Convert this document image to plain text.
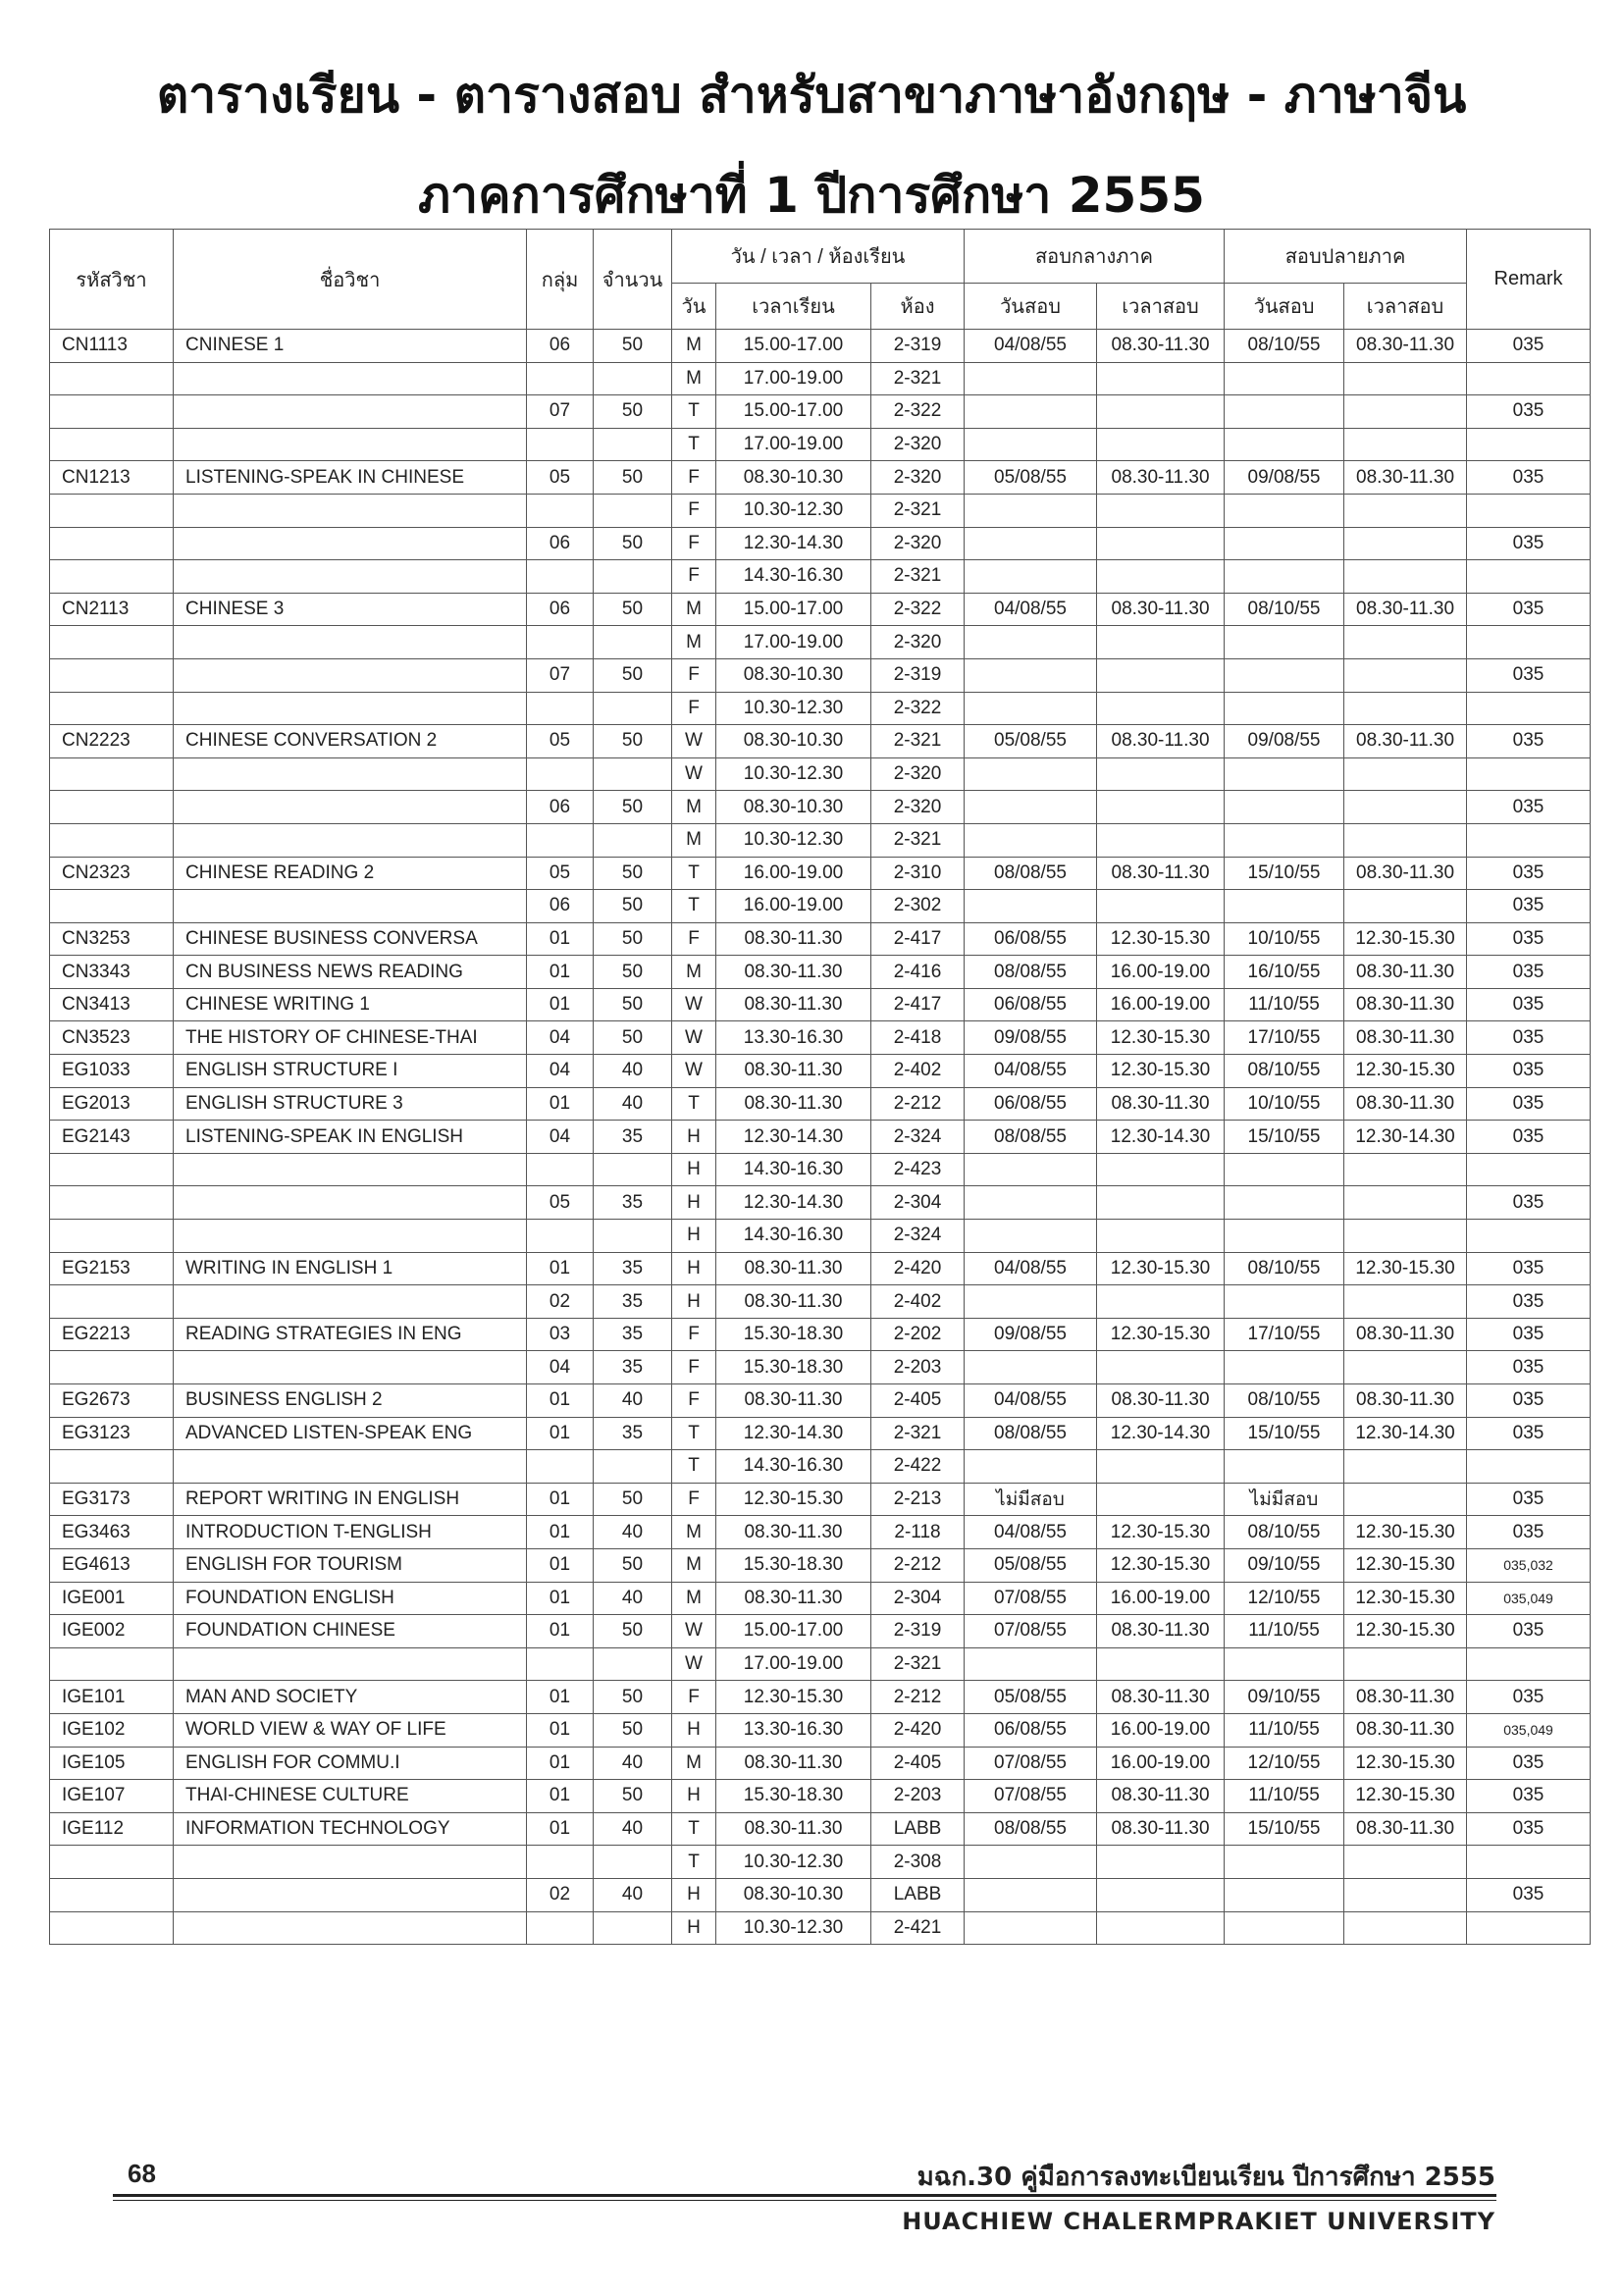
ตารางเรียน - ตารางสอบ สำหรับสาขาภาษาอังกฤษ - ภาษาจีน
ภาคการศึกษาที่ 1 ปีการศึกษา 2555
รหัสวิชา	ชื่อวิชา	กลุ่ม	จำนวน	วัน / เวลา / ห้องเรียน			สอบกลางภาค		สอบปลายภาค		Remark
				วัน	เวลาเรียน	ห้อง	วันสอบ	เวลาสอบ	วันสอบ	เวลาสอบ	
CN1113	CNINESE 1	06	50	M	15.00-17.00	2-319	04/08/55	08.30-11.30	08/10/55	08.30-11.30	035
				M	17.00-19.00	2-321					
		07	50	T	15.00-17.00	2-322					035
				T	17.00-19.00	2-320					
CN1213	LISTENING-SPEAK IN CHINESE	05	50	F	08.30-10.30	2-320	05/08/55	08.30-11.30	09/08/55	08.30-11.30	035
				F	10.30-12.30	2-321					
		06	50	F	12.30-14.30	2-320					035
				F	14.30-16.30	2-321					
CN2113	CHINESE 3	06	50	M	15.00-17.00	2-322	04/08/55	08.30-11.30	08/10/55	08.30-11.30	035
				M	17.00-19.00	2-320					
		07	50	F	08.30-10.30	2-319					035
				F	10.30-12.30	2-322					
CN2223	CHINESE CONVERSATION 2	05	50	W	08.30-10.30	2-321	05/08/55	08.30-11.30	09/08/55	08.30-11.30	035
				W	10.30-12.30	2-320					
		06	50	M	08.30-10.30	2-320					035
				M	10.30-12.30	2-321					
CN2323	CHINESE READING 2	05	50	T	16.00-19.00	2-310	08/08/55	08.30-11.30	15/10/55	08.30-11.30	035
		06	50	T	16.00-19.00	2-302					035
CN3253	CHINESE BUSINESS CONVERSA	01	50	F	08.30-11.30	2-417	06/08/55	12.30-15.30	10/10/55	12.30-15.30	035
CN3343	CN BUSINESS NEWS READING	01	50	M	08.30-11.30	2-416	08/08/55	16.00-19.00	16/10/55	08.30-11.30	035
CN3413	CHINESE WRITING 1	01	50	W	08.30-11.30	2-417	06/08/55	16.00-19.00	11/10/55	08.30-11.30	035
CN3523	THE HISTORY OF CHINESE-THAI	04	50	W	13.30-16.30	2-418	09/08/55	12.30-15.30	17/10/55	08.30-11.30	035
EG1033	ENGLISH STRUCTURE I	04	40	W	08.30-11.30	2-402	04/08/55	12.30-15.30	08/10/55	12.30-15.30	035
EG2013	ENGLISH STRUCTURE 3	01	40	T	08.30-11.30	2-212	06/08/55	08.30-11.30	10/10/55	08.30-11.30	035
EG2143	LISTENING-SPEAK IN ENGLISH	04	35	H	12.30-14.30	2-324	08/08/55	12.30-14.30	15/10/55	12.30-14.30	035
				H	14.30-16.30	2-423					
		05	35	H	12.30-14.30	2-304					035
				H	14.30-16.30	2-324					
EG2153	WRITING IN ENGLISH 1	01	35	H	08.30-11.30	2-420	04/08/55	12.30-15.30	08/10/55	12.30-15.30	035
		02	35	H	08.30-11.30	2-402					035
EG2213	READING STRATEGIES IN ENG	03	35	F	15.30-18.30	2-202	09/08/55	12.30-15.30	17/10/55	08.30-11.30	035
		04	35	F	15.30-18.30	2-203					035
EG2673	BUSINESS ENGLISH 2	01	40	F	08.30-11.30	2-405	04/08/55	08.30-11.30	08/10/55	08.30-11.30	035
EG3123	ADVANCED LISTEN-SPEAK ENG	01	35	T	12.30-14.30	2-321	08/08/55	12.30-14.30	15/10/55	12.30-14.30	035
				T	14.30-16.30	2-422					
EG3173	REPORT WRITING IN ENGLISH	01	50	F	12.30-15.30	2-213	ไม่มีสอบ		ไม่มีสอบ		035
EG3463	INTRODUCTION T-ENGLISH	01	40	M	08.30-11.30	2-118	04/08/55	12.30-15.30	08/10/55	12.30-15.30	035
EG4613	ENGLISH FOR TOURISM	01	50	M	15.30-18.30	2-212	05/08/55	12.30-15.30	09/10/55	12.30-15.30	035,032
IGE001	FOUNDATION ENGLISH	01	40	M	08.30-11.30	2-304	07/08/55	16.00-19.00	12/10/55	12.30-15.30	035,049
IGE002	FOUNDATION CHINESE	01	50	W	15.00-17.00	2-319	07/08/55	08.30-11.30	11/10/55	12.30-15.30	035
				W	17.00-19.00	2-321					
IGE101	MAN AND SOCIETY	01	50	F	12.30-15.30	2-212	05/08/55	08.30-11.30	09/10/55	08.30-11.30	035
IGE102	WORLD VIEW & WAY OF LIFE	01	50	H	13.30-16.30	2-420	06/08/55	16.00-19.00	11/10/55	08.30-11.30	035,049
IGE105	ENGLISH FOR COMMU.I	01	40	M	08.30-11.30	2-405	07/08/55	16.00-19.00	12/10/55	12.30-15.30	035
IGE107	THAI-CHINESE CULTURE	01	50	H	15.30-18.30	2-203	07/08/55	08.30-11.30	11/10/55	12.30-15.30	035
IGE112	INFORMATION TECHNOLOGY	01	40	T	08.30-11.30	LABB	08/08/55	08.30-11.30	15/10/55	08.30-11.30	035
				T	10.30-12.30	2-308					
		02	40	H	08.30-10.30	LABB					035
				H	10.30-12.30	2-421					
68	มฉก.30 คู่มือการลงทะเบียนเรียน ปีการศึกษา 2555
HUACHIEW CHALERMPRAKIET UNIVERSITY
